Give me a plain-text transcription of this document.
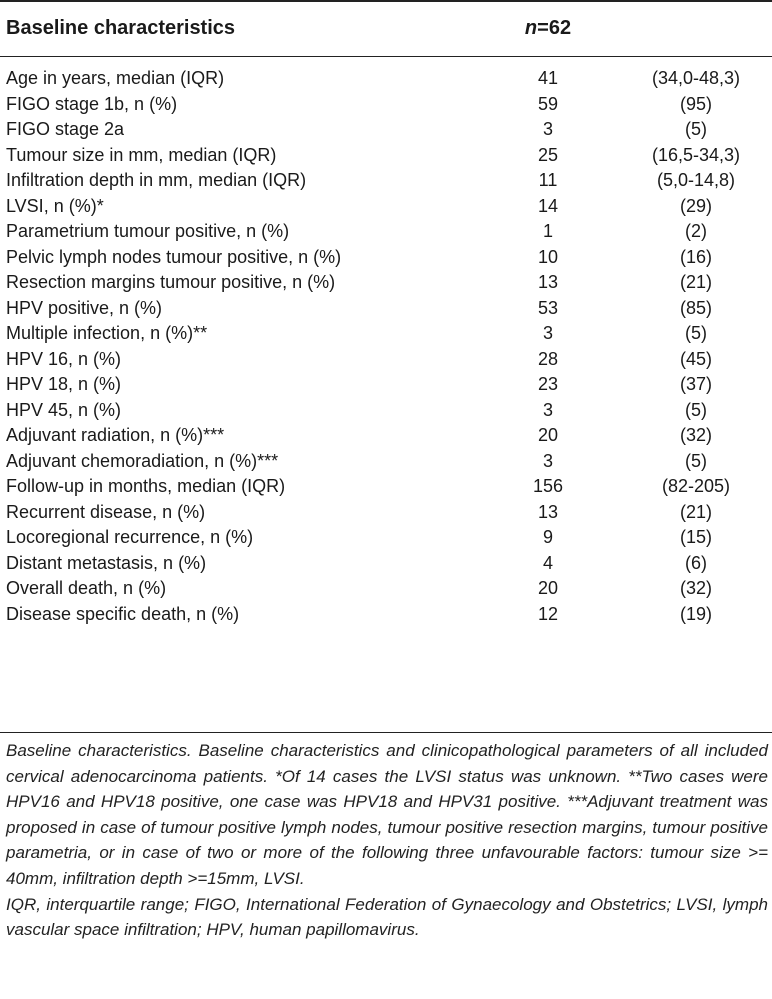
Baseline characteristics	n=62
Age in years, median (IQR)	41	(34,0-48,3)
FIGO stage 1b, n (%)	59	(95)
FIGO stage 2a	3	(5)
Tumour size in mm, median (IQR)	25	(16,5-34,3)
Infiltration depth in mm, median (IQR)	11	(5,0-14,8)
LVSI, n (%)*	14	(29)
Parametrium tumour positive, n (%)	1	(2)
Pelvic lymph nodes tumour positive, n (%)	10	(16)
Resection margins tumour positive, n (%)	13	(21)
HPV positive, n (%)	53	(85)
Multiple infection, n (%)**	3	(5)
HPV 16, n (%)	28	(45)
HPV 18, n (%)	23	(37)
HPV 45, n (%)	3	(5)
Adjuvant radiation, n (%)***	20	(32)
Adjuvant chemoradiation, n (%)***	3	(5)
Follow-up in months, median (IQR)	156	(82-205)
Recurrent disease, n (%)	13	(21)
Locoregional recurrence, n (%)	9	(15)
Distant metastasis, n (%)	4	(6)
Overall death, n (%)	20	(32)
Disease specific death, n (%)	12	(19)

Baseline characteristics. Baseline characteristics and clinicopathological parameters of all included cervical adenocarcinoma patients. *Of 14 cases the LVSI status was unknown. **Two cases were HPV16 and HPV18 positive, one case was HPV18 and HPV31 positive. ***Adjuvant treatment was proposed in case of tumour positive lymph nodes, tumour positive resection margins, tumour positive parametria, or in case of two or more of the following three unfavourable factors: tumour size >= 40mm, infiltration depth >=15mm, LVSI.

IQR, interquartile range; FIGO, International Federation of Gynaecology and Obstetrics; LVSI, lymph vascular space infiltration; HPV, human papillomavirus.
